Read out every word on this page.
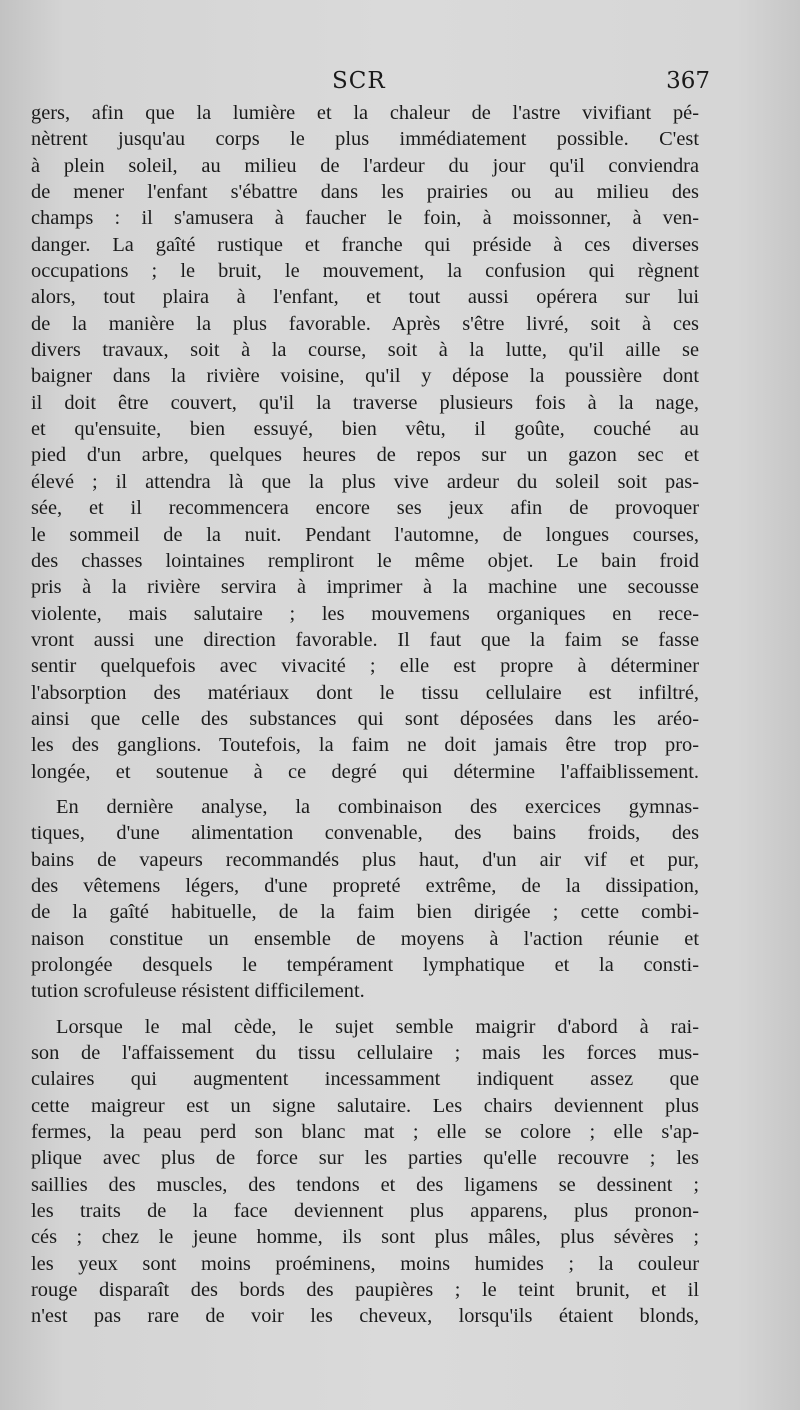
SCR	367
gers, afin que la lumière et la chaleur de l'astre vivifiant pé-
nètrent jusqu'au corps le plus immédiatement possible. C'est
à plein soleil, au milieu de l'ardeur du jour qu'il conviendra
de mener l'enfant s'ébattre dans les prairies ou au milieu des
champs : il s'amusera à faucher le foin, à moissonner, à ven-
danger. La gaîté rustique et franche qui préside à ces diverses
occupations ; le bruit, le mouvement, la confusion qui règnent
alors, tout plaira à l'enfant, et tout aussi opérera sur lui
de la manière la plus favorable. Après s'être livré, soit à ces
divers travaux, soit à la course, soit à la lutte, qu'il aille se
baigner dans la rivière voisine, qu'il y dépose la poussière dont
il doit être couvert, qu'il la traverse plusieurs fois à la nage,
et qu'ensuite, bien essuyé, bien vêtu, il goûte, couché au
pied d'un arbre, quelques heures de repos sur un gazon sec et
élevé ; il attendra là que la plus vive ardeur du soleil soit pas-
sée, et il recommencera encore ses jeux afin de provoquer
le sommeil de la nuit. Pendant l'automne, de longues courses,
des chasses lointaines rempliront le même objet. Le bain froid
pris à la rivière servira à imprimer à la machine une secousse
violente, mais salutaire ; les mouvemens organiques en rece-
vront aussi une direction favorable. Il faut que la faim se fasse
sentir quelquefois avec vivacité ; elle est propre à déterminer
l'absorption des matériaux dont le tissu cellulaire est infiltré,
ainsi que celle des substances qui sont déposées dans les aréo-
les des ganglions. Toutefois, la faim ne doit jamais être trop pro-
longée, et soutenue à ce degré qui détermine l'affaiblissement.
En dernière analyse, la combinaison des exercices gymnas-
tiques, d'une alimentation convenable, des bains froids, des
bains de vapeurs recommandés plus haut, d'un air vif et pur,
des vêtemens légers, d'une propreté extrême, de la dissipation,
de la gaîté habituelle, de la faim bien dirigée ; cette combi-
naison constitue un ensemble de moyens à l'action réunie et
prolongée desquels le tempérament lymphatique et la consti-
tution scrofuleuse résistent difficilement.
Lorsque le mal cède, le sujet semble maigrir d'abord à rai-
son de l'affaissement du tissu cellulaire ; mais les forces mus-
culaires qui augmentent incessamment indiquent assez que
cette maigreur est un signe salutaire. Les chairs deviennent plus
fermes, la peau perd son blanc mat ; elle se colore ; elle s'ap-
plique avec plus de force sur les parties qu'elle recouvre ; les
saillies des muscles, des tendons et des ligamens se dessinent ;
les traits de la face deviennent plus apparens, plus pronon-
cés ; chez le jeune homme, ils sont plus mâles, plus sévères ;
les yeux sont moins proéminens, moins humides ; la couleur
rouge disparaît des bords des paupières ; le teint brunit, et il
n'est pas rare de voir les cheveux, lorsqu'ils étaient blonds,
